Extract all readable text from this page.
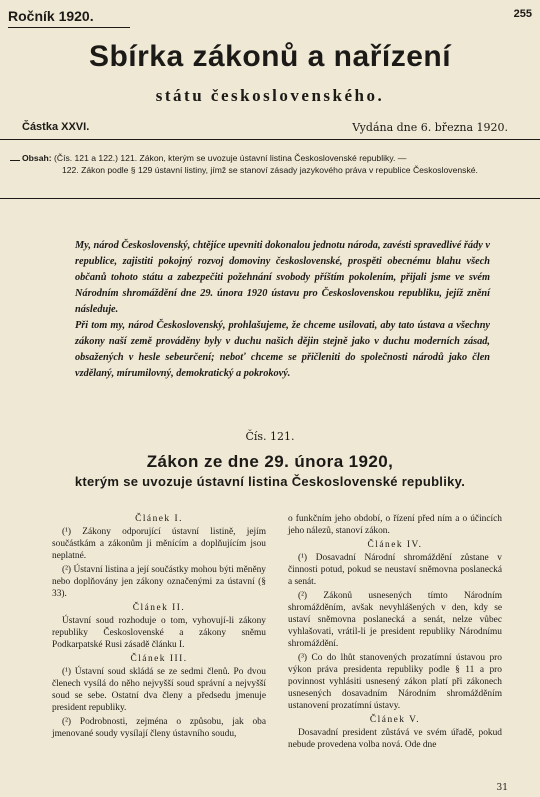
Ročník 1920.	255
Sbírka zákonů a nařízení
státu československého.
Částka XXVI.	Vydána dne 6. března 1920.
Obsah: (Čís. 121 a 122.) 121. Zákon, kterým se uvozuje ústavní listina Československé republiky. —
122. Zákon podle § 129 ústavní listiny, jímž se stanoví zásady jazykového práva v republice Československé.

My, národ Československý, chtějíce upevniti dokonalou jednotu národa, zavésti spravedlivé řády v republice, zajistiti pokojný rozvoj domoviny československé, prospěti obecnému blahu všech občanů tohoto státu a zabezpečiti požehnání svobody příštím pokolením, přijali jsme ve svém Národním shromáždění dne 29. února 1920 ústavu pro Československou republiku, jejíž znění následuje.

Při tom my, národ Československý, prohlašujeme, že chceme usilovati, aby tato ústava a všechny zákony naší země prováděny byly v duchu našich dějin stejně jako v duchu moderních zásad, obsažených v hesle sebeurčení; neboť chceme se přičleniti do společnosti národů jako člen vzdělaný, mírumilovný, demokratický a pokrokový.

Čís. 121.
Zákon ze dne 29. února 1920,
kterým se uvozuje ústavní listina Československé republiky.
Článek I.

(¹) Zákony odporující ústavní listině, jejím součástkám a zákonům ji měnícím a doplňujícím jsou neplatné.

(²) Ústavní listina a její součástky mohou býti měněny nebo doplňovány jen zákony označenými za ústavní (§ 33).

Článek II.

Ústavní soud rozhoduje o tom, vyhovují-li zákony republiky Československé a zákony sněmu Podkarpatské Rusi zásadě článku I.

Článek III.

(¹) Ústavní soud skládá se ze sedmi členů. Po dvou členech vysílá do něho nejvyšší soud správní a nejvyšší soud se sebe. Ostatní dva členy a předsedu jmenuje president republiky.

(²) Podrobnosti, zejména o způsobu, jak oba jmenované soudy vysílají členy ústavního soudu,

o funkčním jeho období, o řízení před ním a o účincích jeho nálezů, stanoví zákon.

Článek IV.

(¹) Dosavadní Národní shromáždění zůstane v činnosti potud, pokud se neustaví sněmovna poslanecká a senát.

(²) Zákonů usnesených tímto Národním shromážděním, avšak nevyhlášených v den, kdy se ustaví sněmovna poslanecká a senát, nelze vůbec vyhlašovati, vrátil-li je president republiky Národnímu shromáždění.

(³) Co do lhůt stanovených prozatímní ústavou pro výkon práva presidenta republiky podle § 11 a pro povinnost vyhlásiti usnesený zákon platí při zákonech usnesených dosavadním Národním shromážděním ustanovení prozatímní ústavy.

Článek V.

Dosavadní president zůstává ve svém úřadě, pokud nebude provedena volba nová. Ode dne

31
